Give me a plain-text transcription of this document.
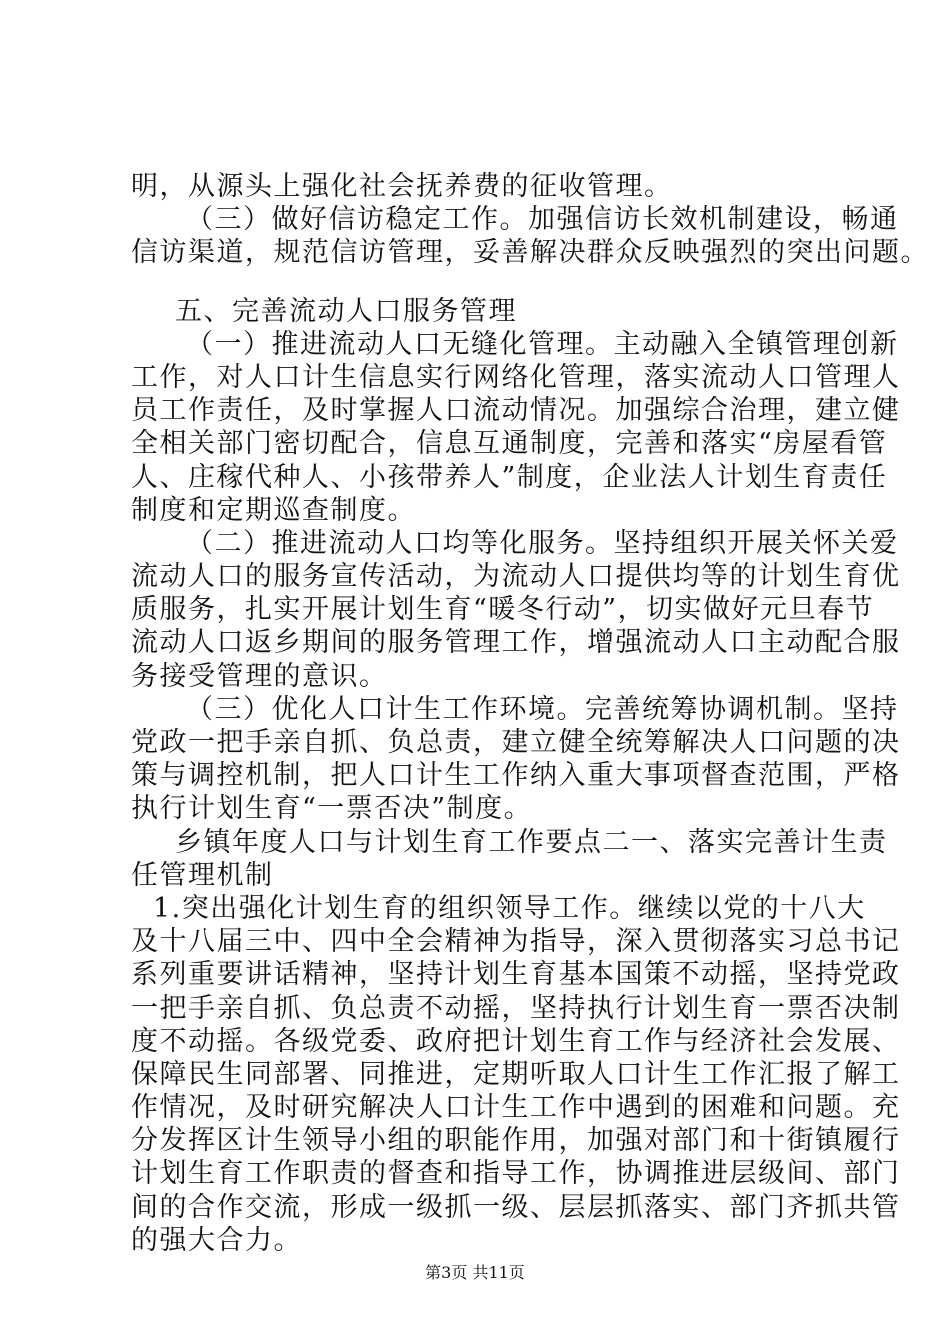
明，从源头上强化社会抚养费的征收管理。
（三）做好信访稳定工作。加强信访长效机制建设，畅通
信访渠道，规范信访管理，妥善解决群众反映强烈的突出问题。
五、完善流动人口服务管理
（一）推进流动人口无缝化管理。主动融入全镇管理创新
工作，对人口计生信息实行网络化管理，落实流动人口管理人
员工作责任，及时掌握人口流动情况。加强综合治理，建立健
全相关部门密切配合，信息互通制度，完善和落实“房屋看管
人、庄稼代种人、小孩带养人”制度，企业法人计划生育责任
制度和定期巡查制度。
（二）推进流动人口均等化服务。坚持组织开展关怀关爱
流动人口的服务宣传活动，为流动人口提供均等的计划生育优
质服务，扎实开展计划生育“暖冬行动”，切实做好元旦春节
流动人口返乡期间的服务管理工作，增强流动人口主动配合服
务接受管理的意识。
（三）优化人口计生工作环境。完善统筹协调机制。坚持
党政一把手亲自抓、负总责，建立健全统筹解决人口问题的决
策与调控机制，把人口计生工作纳入重大事项督查范围，严格
执行计划生育“一票否决”制度。
乡镇年度人口与计划生育工作要点二一、落实完善计生责
任管理机制
1.突出强化计划生育的组织领导工作。继续以党的十八大
及十八届三中、四中全会精神为指导，深入贯彻落实习总书记
系列重要讲话精神，坚持计划生育基本国策不动摇，坚持党政
一把手亲自抓、负总责不动摇，坚持执行计划生育一票否决制
度不动摇。各级党委、政府把计划生育工作与经济社会发展、
保障民生同部署、同推进，定期听取人口计生工作汇报了解工
作情况，及时研究解决人口计生工作中遇到的困难和问题。充
分发挥区计生领导小组的职能作用，加强对部门和十街镇履行
计划生育工作职责的督查和指导工作，协调推进层级间、部门
间的合作交流，形成一级抓一级、层层抓落实、部门齐抓共管
的强大合力。
第3页 共11页
